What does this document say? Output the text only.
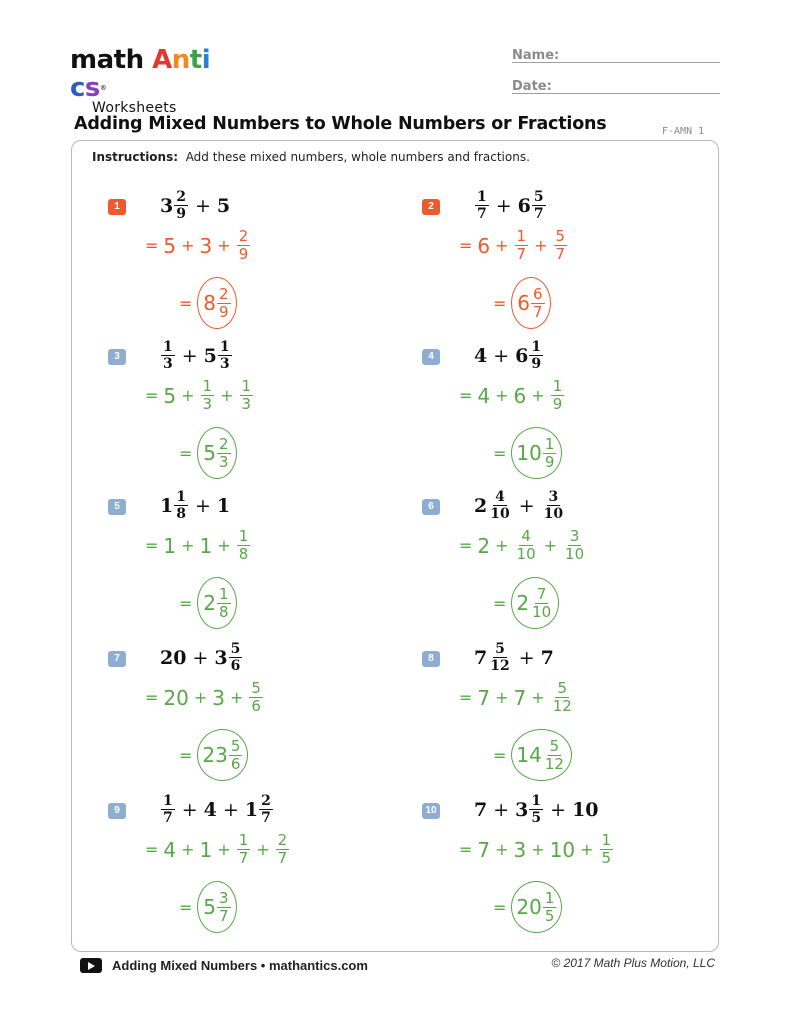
math Antics®
Worksheets
Name:
Date:
Adding Mixed Numbers to Whole Numbers or Fractions	F-AMN 1
Instructions: Add these mixed numbers, whole numbers and fractions.
1	$3 \frac{2}{9} + 5$
= $5 + 3 + \frac{2}{9}$
= $8 \frac{2}{9}$
2	$\frac{1}{7} + 6 \frac{5}{7}$
= $6 + \frac{1}{7} + \frac{5}{7}$
= $6 \frac{6}{7}$
3	$\frac{1}{3} + 5 \frac{1}{3}$
= $5 + \frac{1}{3} + \frac{1}{3}$
= $5 \frac{2}{3}$
4	$4 + 6 \frac{1}{9}$
= $4 + 6 + \frac{1}{9}$
= $10 \frac{1}{9}$
5	$1 \frac{1}{8} + 1$
= $1 + 1 + \frac{1}{8}$
= $2 \frac{1}{8}$
6	$2 \frac{4}{10} + \frac{3}{10}$
= $2 + \frac{4}{10} + \frac{3}{10}$
= $2 \frac{7}{10}$
7	$20 + 3 \frac{5}{6}$
= $20 + 3 + \frac{5}{6}$
= $23 \frac{5}{6}$
8	$7 \frac{5}{12} + 7$
= $7 + 7 + \frac{5}{12}$
= $14 \frac{5}{12}$
9	$\frac{1}{7} + 4 + 1 \frac{2}{7}$
= $4 + 1 + \frac{1}{7} + \frac{2}{7}$
= $5 \frac{3}{7}$
10 $7 + 3 \frac{1}{5} + 10$
= $7 + 3 + 10 + \frac{1}{5}$
= $20 \frac{1}{5}$
Adding Mixed Numbers • mathantics.com	© 2017 Math Plus Motion, LLC
